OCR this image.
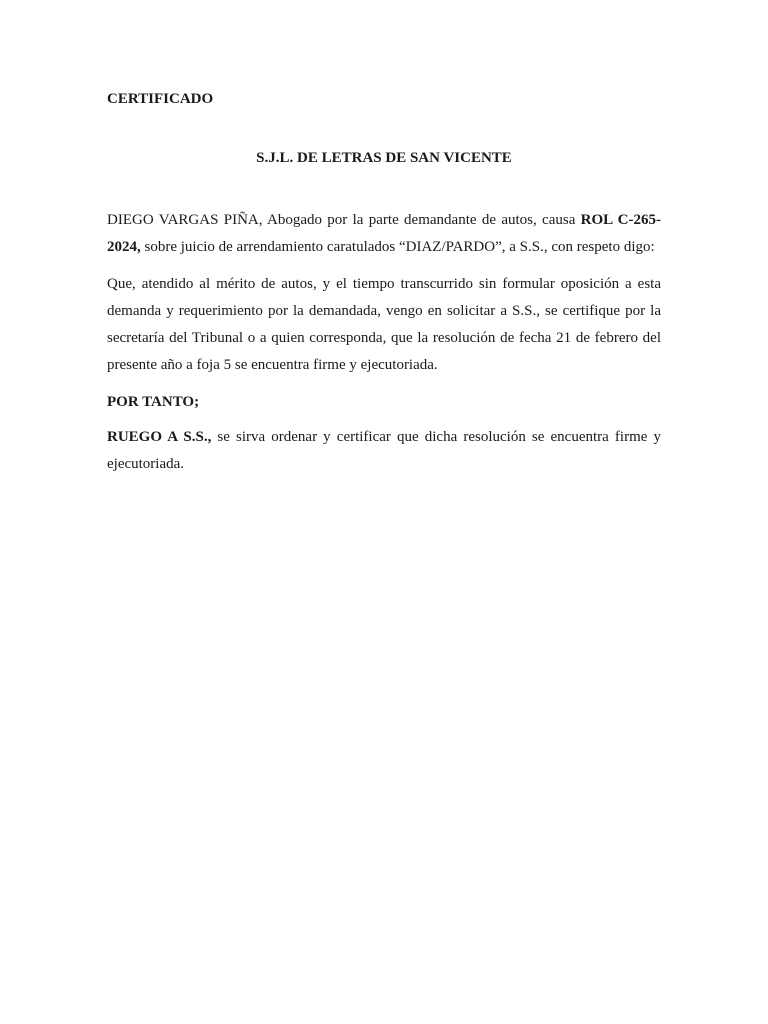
CERTIFICADO
S.J.L. DE LETRAS DE SAN VICENTE

DIEGO VARGAS PIÑA, Abogado por la parte demandante de autos, causa ROL C-265-2024, sobre juicio de arrendamiento caratulados “DIAZ/PARDO”, a S.S., con respeto digo:

Que, atendido al mérito de autos, y el tiempo transcurrido sin formular oposición a esta demanda y requerimiento por la demandada, vengo en solicitar a S.S., se certifique por la secretaría del Tribunal o a quien corresponda, que la resolución de fecha 21 de febrero del presente año a foja 5 se encuentra firme y ejecutoriada.

POR TANTO;

RUEGO A S.S., se sirva ordenar y certificar que dicha resolución se encuentra firme y ejecutoriada.
